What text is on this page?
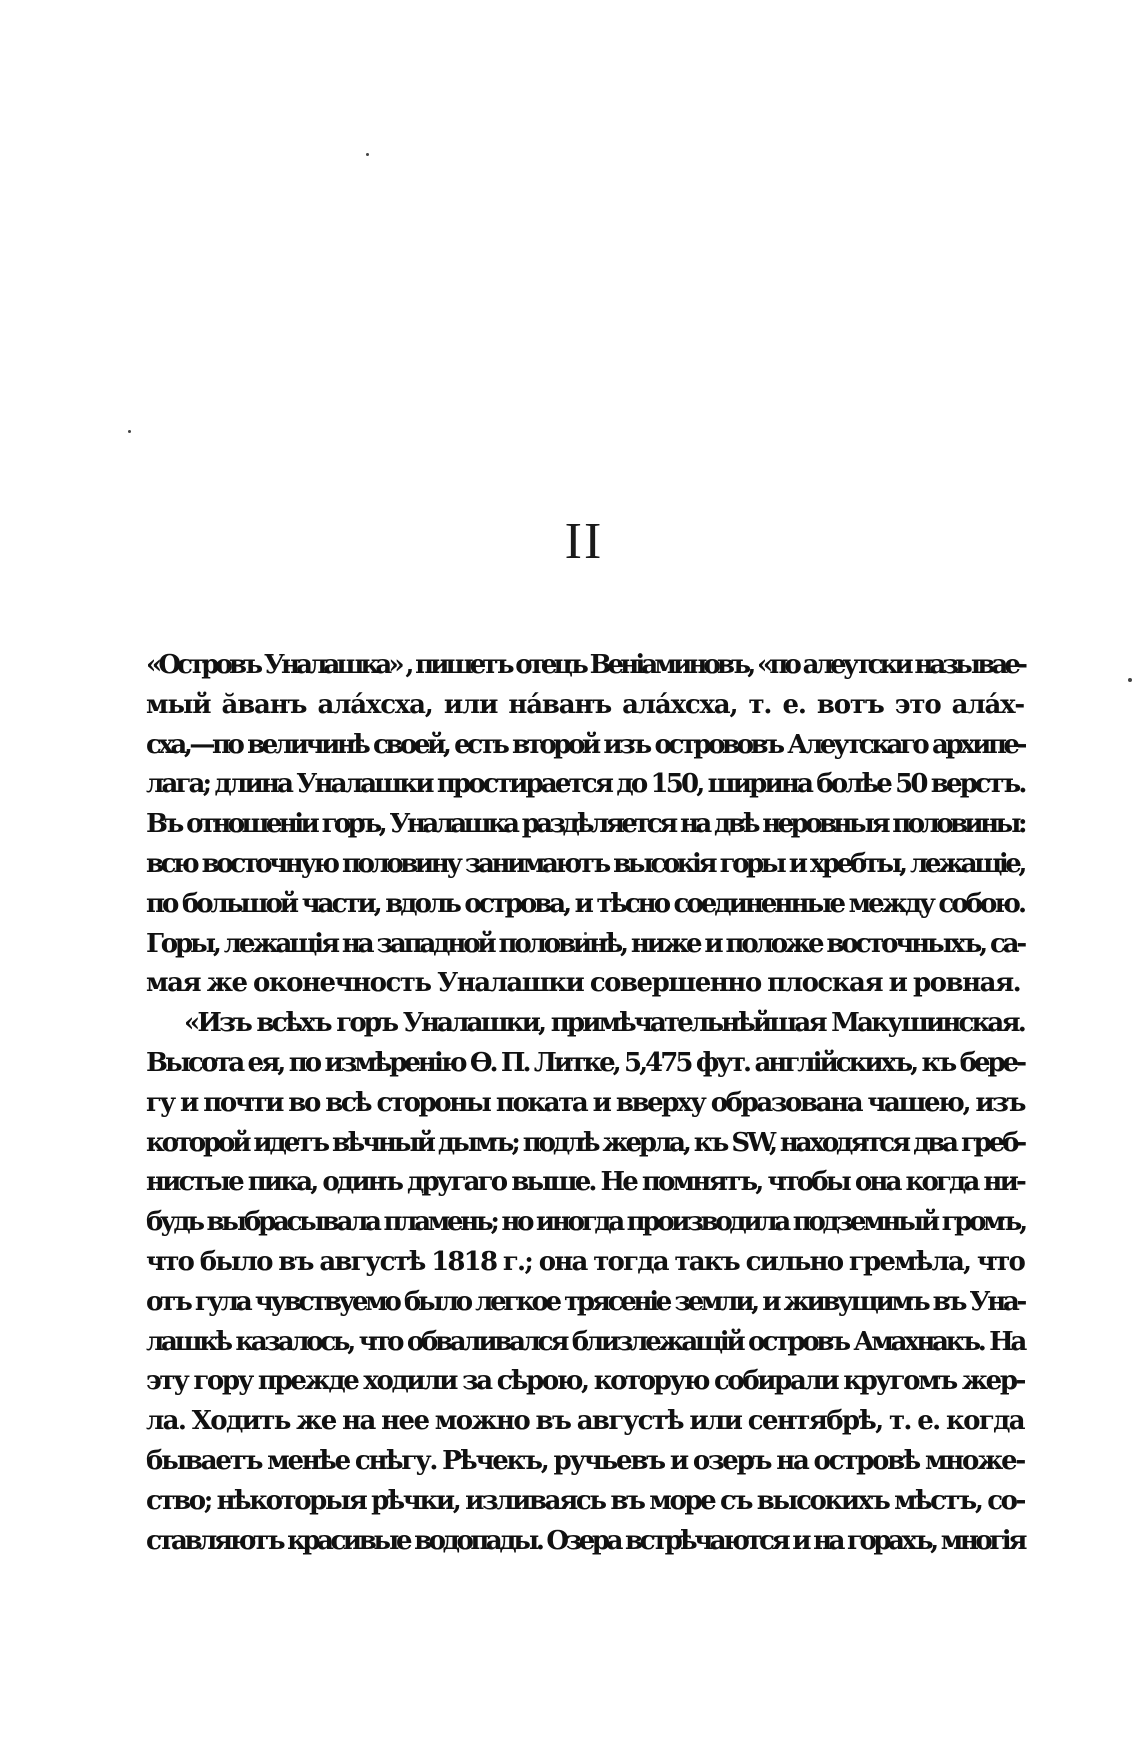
II
«Островъ Уналашка» , пишетъ отецъ Веніаминовъ, «по алеутски называе-
мый ӑванъ алáхсха, или нáванъ алáхсха, т. е. вотъ это алáх-
сха,—по величинѣ своей, есть второй изъ острововъ Алеутскаго архипе-
лага; длина Уналашки простирается до 150, ширина болѣе 50 верстъ.
Въ отношеніи горъ, Уналашка раздѣляется на двѣ неровныя половины:
всю восточную половину занимаютъ высокія горы и хребты, лежащіе,
по большой части, вдоль острова, и тѣсно соединенные между собою.
Горы, лежащія на западной половинѣ, ниже и положе восточныхъ, са-
мая же оконечность Уналашки совершенно плоская и ровная.
«Изъ всѣхъ горъ Уналашки, примѣчательнѣйшая Макушинская.
Высота ея, по измѣренію Ѳ. П. Литке, 5,475 фут. англійскихъ, къ бере-
гу и почти во всѣ стороны поката и вверху образована чашею, изъ
которой идетъ вѣчный дымъ; подлѣ жерла, къ SW, находятся два греб-
нистые пика, одинъ другаго выше. Не помнятъ, чтобы она когда ни-
будь выбрасывала пламень; но иногда производила подземный громъ,
что было въ августѣ 1818 г.; она тогда такъ сильно гремѣла, что
отъ гула чувствуемо было легкое трясеніе земли, и живущимъ въ Уна-
лашкѣ казалось, что обваливался близлежащій островъ Амахнакъ. На
эту гору прежде ходили за сѣрою, которую собирали кругомъ жер-
ла. Ходить же на нее можно въ августѣ или сентябрѣ, т. е. когда
бываетъ менѣе снѣгу. Рѣчекъ, ручьевъ и озеръ на островѣ множе-
ство; нѣкоторыя рѣчки, изливаясь въ море съ высокихъ мѣстъ, со-
ставляютъ красивые водопады. Озера встрѣчаются и на горахъ, многія
